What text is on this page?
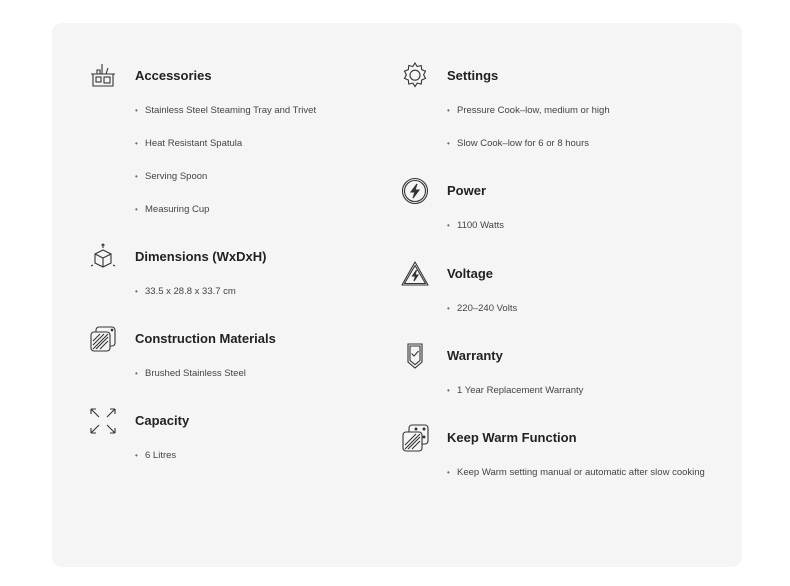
Accessories
• Stainless Steel Steaming Tray and Trivet
• Heat Resistant Spatula
• Serving Spoon
• Measuring Cup
Dimensions (WxDxH)
• 33.5 x 28.8 x 33.7 cm
Construction Materials
• Brushed Stainless Steel
Capacity
• 6 Litres
Settings
• Pressure Cook–low, medium or high
• Slow Cook–low for 6 or 8 hours
Power
• 1100 Watts
Voltage
• 220–240 Volts
Warranty
• 1 Year Replacement Warranty
Keep Warm Function
• Keep Warm setting manual or automatic after slow cooking
